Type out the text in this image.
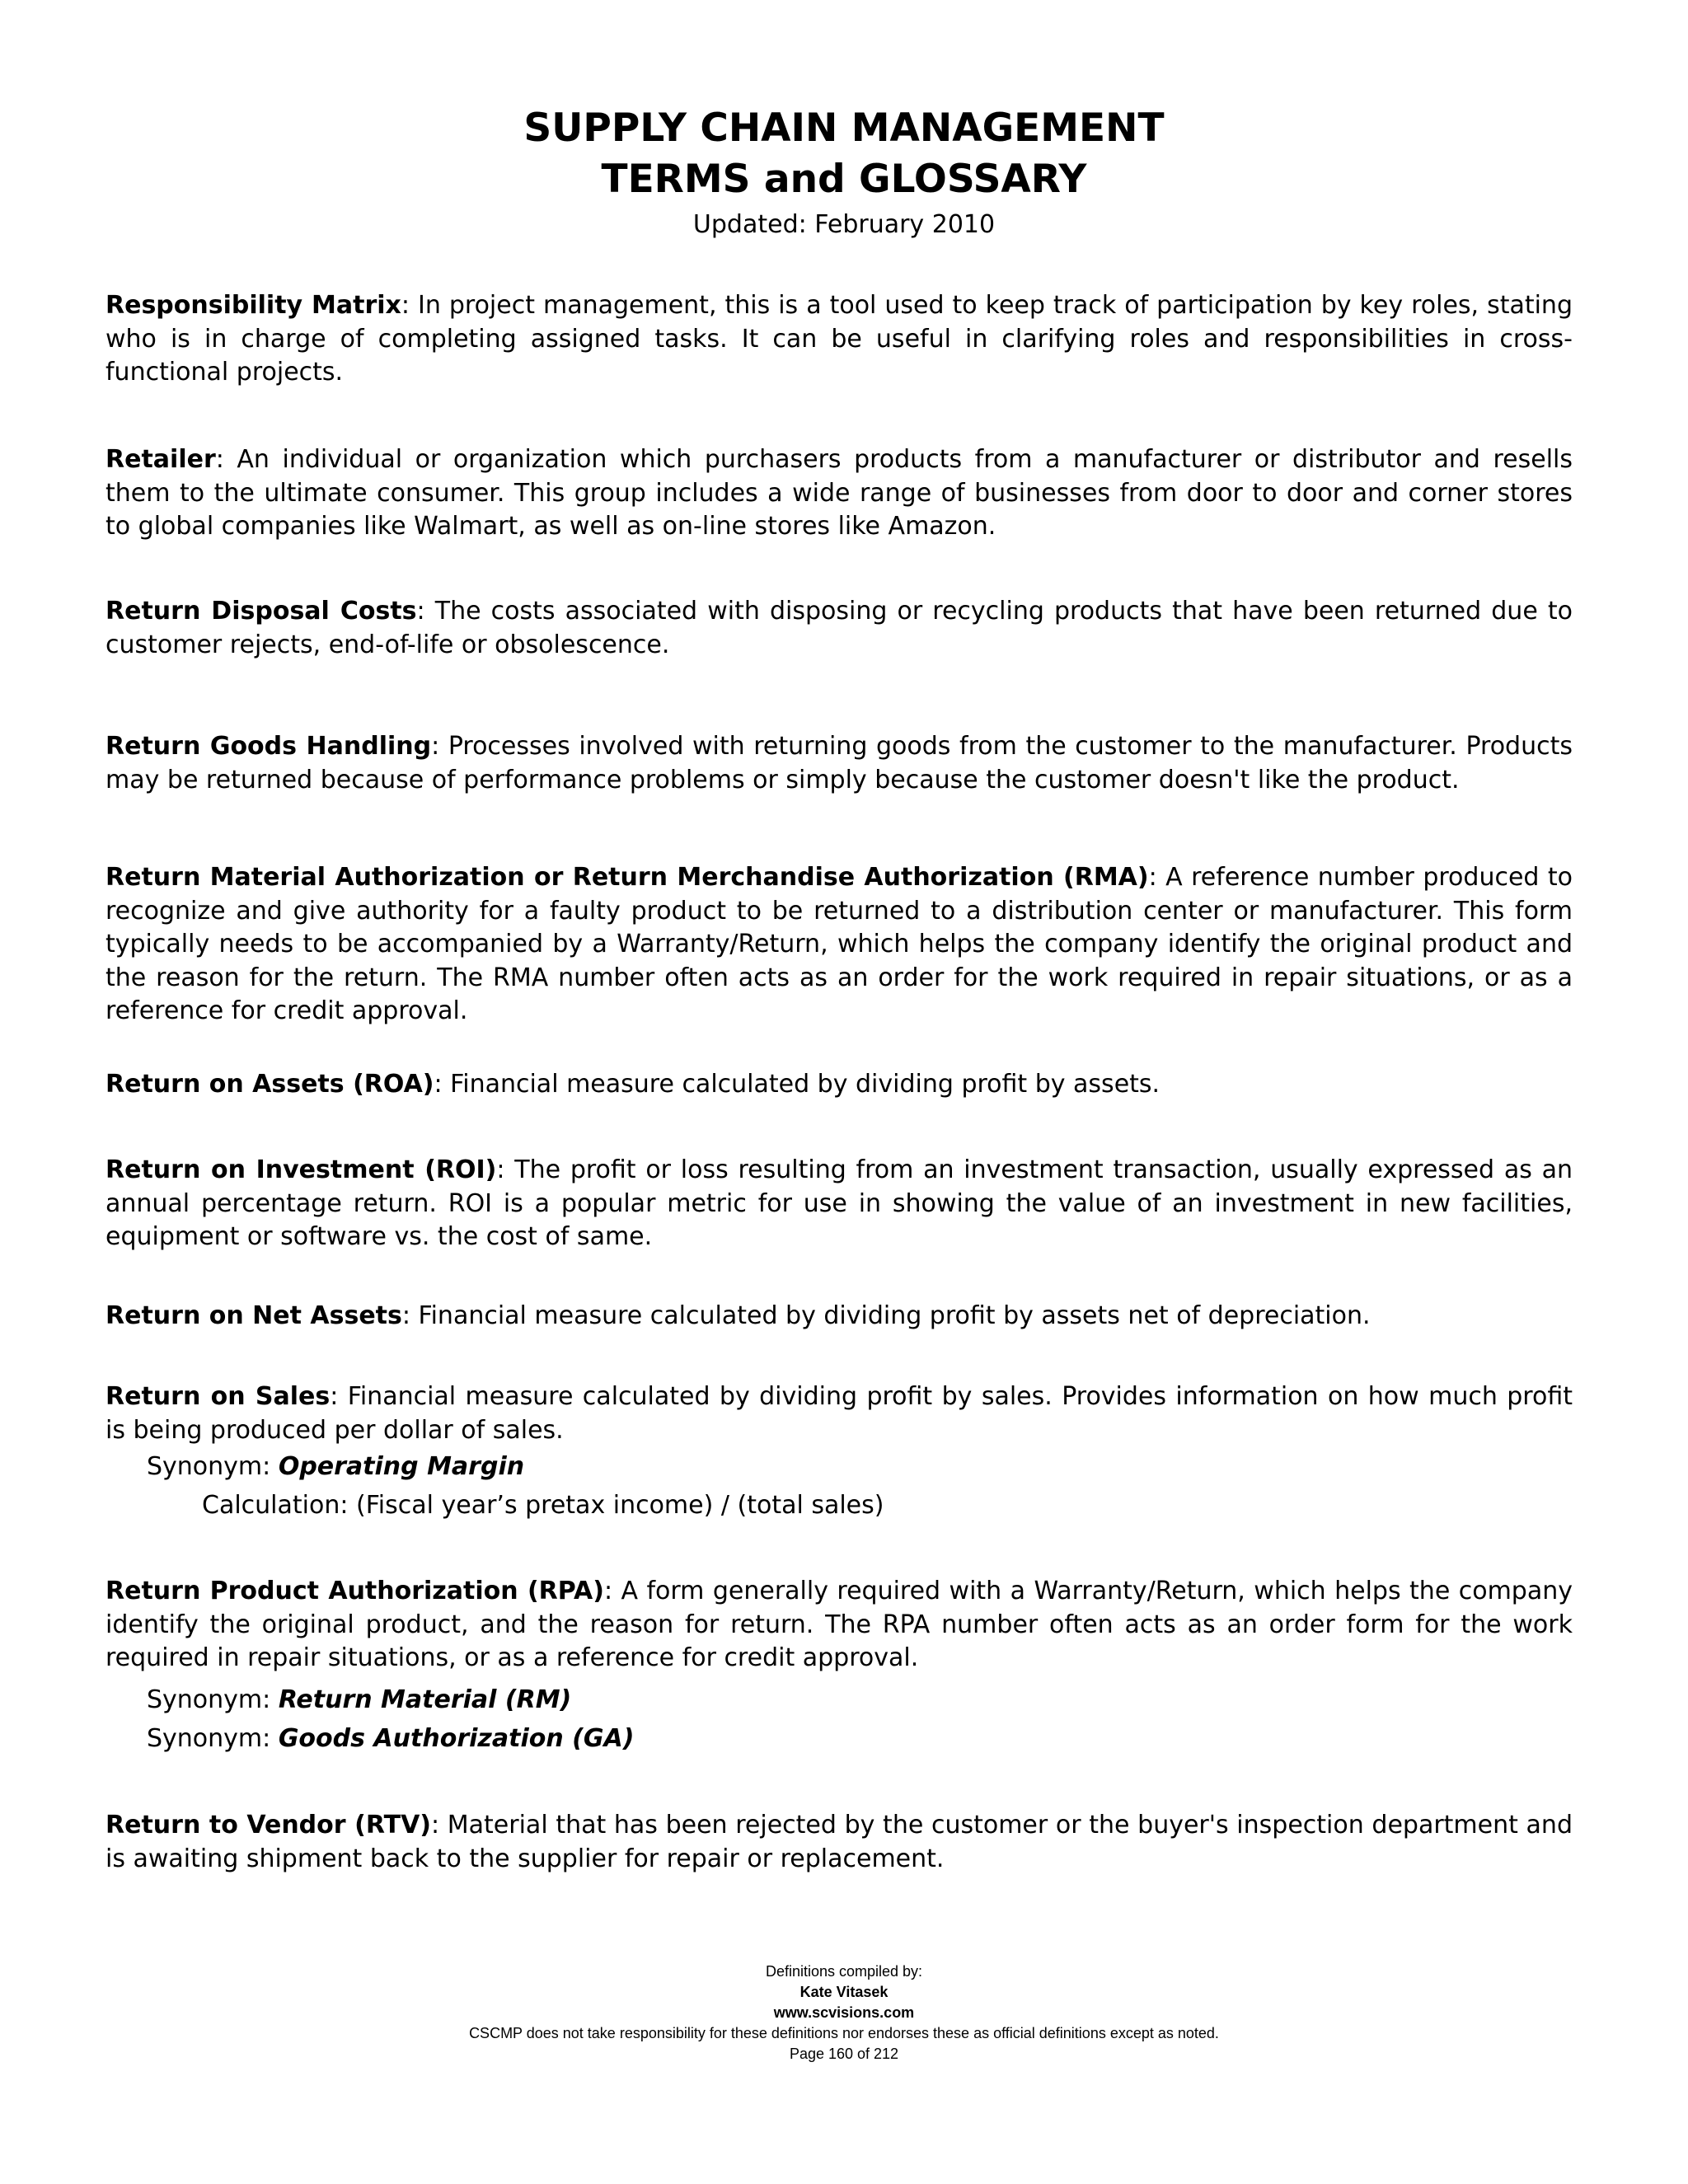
SUPPLY CHAIN MANAGEMENT
TERMS and GLOSSARY
Updated: February 2010
Responsibility Matrix: In project management, this is a tool used to keep track of participation by key roles, stating who is in charge of completing assigned tasks. It can be useful in clarifying roles and responsibilities in cross-functional projects.
Retailer: An individual or organization which purchasers products from a manufacturer or distributor and resells them to the ultimate consumer. This group includes a wide range of businesses from door to door and corner stores to global companies like Walmart, as well as on-line stores like Amazon.
Return Disposal Costs: The costs associated with disposing or recycling products that have been returned due to customer rejects, end-of-life or obsolescence.
Return Goods Handling: Processes involved with returning goods from the customer to the manufacturer. Products may be returned because of performance problems or simply because the customer doesn't like the product.
Return Material Authorization or Return Merchandise Authorization (RMA): A reference number produced to recognize and give authority for a faulty product to be returned to a distribution center or manufacturer. This form typically needs to be accompanied by a Warranty/Return, which helps the company identify the original product and the reason for the return. The RMA number often acts as an order for the work required in repair situations, or as a reference for credit approval.
Return on Assets (ROA): Financial measure calculated by dividing profit by assets.
Return on Investment (ROI): The profit or loss resulting from an investment transaction, usually expressed as an annual percentage return. ROI is a popular metric for use in showing the value of an investment in new facilities, equipment or software vs. the cost of same.
Return on Net Assets: Financial measure calculated by dividing profit by assets net of depreciation.
Return on Sales: Financial measure calculated by dividing profit by sales. Provides information on how much profit is being produced per dollar of sales.
Synonym: Operating Margin
Calculation: (Fiscal year’s pretax income) / (total sales)
Return Product Authorization (RPA): A form generally required with a Warranty/Return, which helps the company identify the original product, and the reason for return. The RPA number often acts as an order form for the work required in repair situations, or as a reference for credit approval.
Synonym: Return Material (RM)
Synonym: Goods Authorization (GA)
Return to Vendor (RTV): Material that has been rejected by the customer or the buyer's inspection department and is awaiting shipment back to the supplier for repair or replacement.
Definitions compiled by:
Kate Vitasek
www.scvisions.com
CSCMP does not take responsibility for these definitions nor endorses these as official definitions except as noted.
Page 160 of 212
